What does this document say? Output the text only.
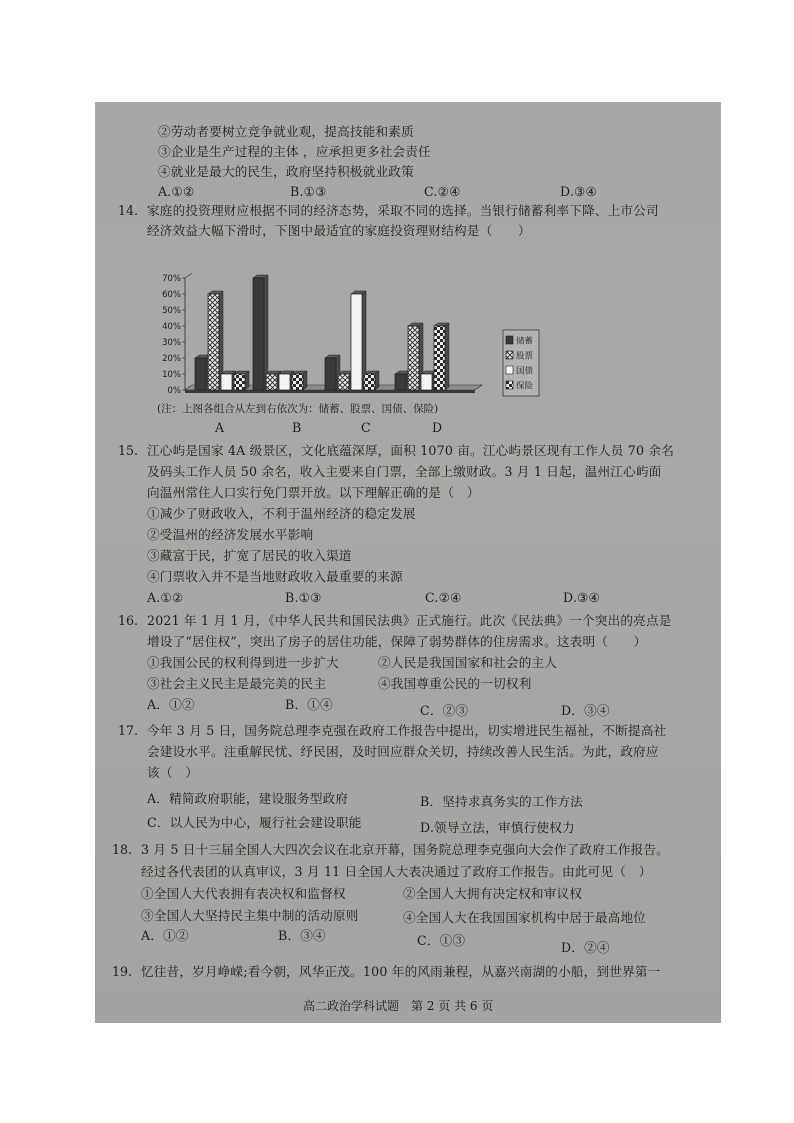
②劳动者要树立竞争就业观，提高技能和素质
③企业是生产过程的主体 ，应承担更多社会责任
④就业是最大的民生，政府坚持积极就业政策
A.①②	B.①③	C.②④	D.③④
14. 家庭的投资理财应根据不同的经济态势，采取不同的选择。当银行储蓄利率下降、上市公司
经济效益大幅下滑时，下图中最适宜的家庭投资理财结构是（　　）
0%
10%
20%
30%
40%
50%
60%
70%
储蓄
股票
国债
保险
(注：上图各组合从左到右依次为：储蓄、股票、国债、保险)
A	B	C	D
15. 江心屿是国家 4A 级景区，文化底蕴深厚，面积 1070 亩。江心屿景区现有工作人员 70 余名
及码头工作人员 50 余名，收入主要来自门票，全部上缴财政。3 月 1 日起，温州江心屿面
向温州常住人口实行免门票开放。以下理解正确的是（　）
①减少了财政收入，不利于温州经济的稳定发展
②受温州的经济发展水平影响
③藏富于民，扩宽了居民的收入渠道
④门票收入并不是当地财政收入最重要的来源
A.①②	B.①③	C.②④	D.③④
16. 2021 年 1 月 1 月，《中华人民共和国民法典》正式施行。此次《民法典》一个突出的亮点是
增设了“居住权”，突出了房子的居住功能，保障了弱势群体的住房需求。这表明（　　）
①我国公民的权利得到进一步扩大	②人民是我国国家和社会的主人
③社会主义民主是最完美的民主	④我国尊重公民的一切权利
A．①②	B．①④	C．②③	D．③④
17. 今年 3 月 5 日，国务院总理李克强在政府工作报告中提出，切实增进民生福祉，不断提高社
会建设水平。注重解民忧、纾民困，及时回应群众关切，持续改善人民生活。为此，政府应
该（　）
A．精简政府职能，建设服务型政府	B．坚持求真务实的工作方法
C．以人民为中心，履行社会建设职能	D.领导立法，审慎行使权力
18. 3 月 5 日十三届全国人大四次会议在北京开幕，国务院总理李克强向大会作了政府工作报告。
经过各代表团的认真审议，3 月 11 日全国人大表决通过了政府工作报告。由此可见（　）
①全国人大代表拥有表决权和监督权	②全国人大拥有决定权和审议权
③全国人大坚持民主集中制的活动原则	④全国人大在我国国家机构中居于最高地位
A．①②	B．③④	C．①③	D．②④
19. 忆往昔，岁月峥嵘;看今朝，风华正茂。100 年的风雨兼程，从嘉兴南湖的小船，到世界第一
高二政治学科试题　第 2 页 共 6 页
